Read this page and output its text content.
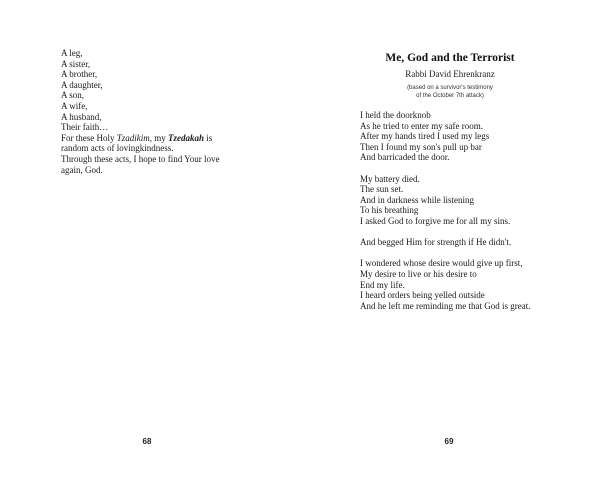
A leg,
A sister,
A brother,
A daughter,
A son,
A wife,
A husband,
Their faith…
For these Holy Tzadikim, my Tzedakah is
random acts of lovingkindness.
Through these acts, I hope to find Your love
again, God.
68
Me, God and the Terrorist
Rabbi David Ehrenkranz
(based on a survivor's testimony
of the October 7th attack)
I held the doorknob
As he tried to enter my safe room.
After my hands tired I used my legs
Then I found my son's pull up bar
And barricaded the door.
My battery died.
The sun set.
And in darkness while listening
To his breathing
I asked God to forgive me for all my sins.
And begged Him for strength if He didn't.
I wondered whose desire would give up first,
My desire to live or his desire to
End my life.
I heard orders being yelled outside
And he left me reminding me that God is great.
69
